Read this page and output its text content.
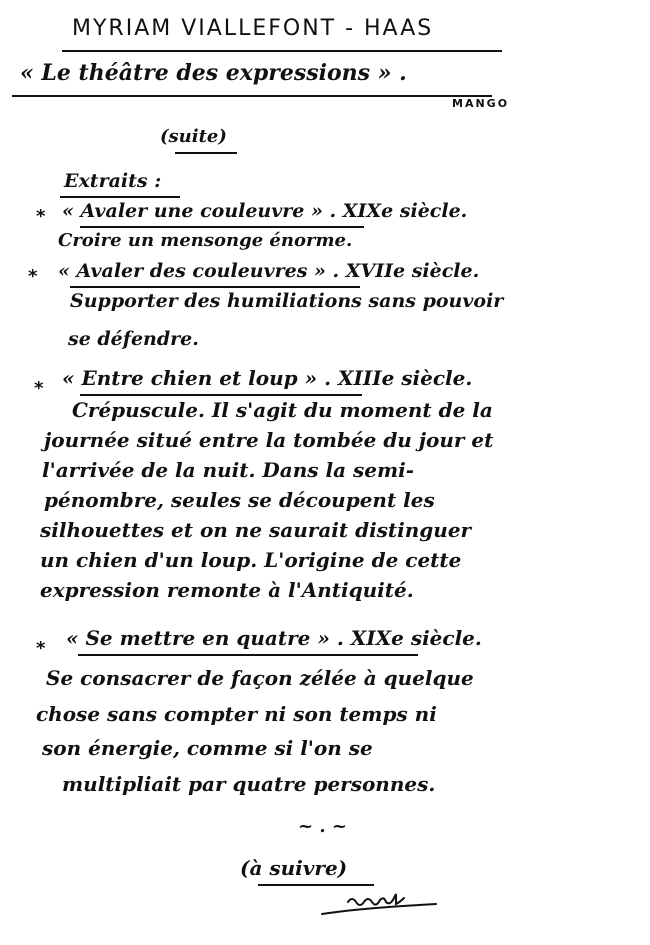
MYRIAM VIALLEFONT - HAAS
« Le théâtre des expressions » .
MANGO
(suite)
Extraits :
* « Avaler une couleuvre » . XIXe siècle.
Croire un mensonge énorme.
* « Avaler des couleuvres » . XVIIe siècle.
Supporter des humiliations sans pouvoir
se défendre.
* « Entre chien et loup » . XIIIe siècle.
Crépuscule. Il s'agit du moment de la
journée situé entre la tombée du jour et
l'arrivée de la nuit. Dans la semi-
pénombre, seules se découpent les
silhouettes et on ne saurait distinguer
un chien d'un loup. L'origine de cette
expression remonte à l'Antiquité.
* « Se mettre en quatre » . XIXe siècle.
Se consacrer de façon zélée à quelque
chose sans compter ni son temps ni
son énergie, comme si l'on se
multipliait par quatre personnes.
~ . ~
(à suivre)
